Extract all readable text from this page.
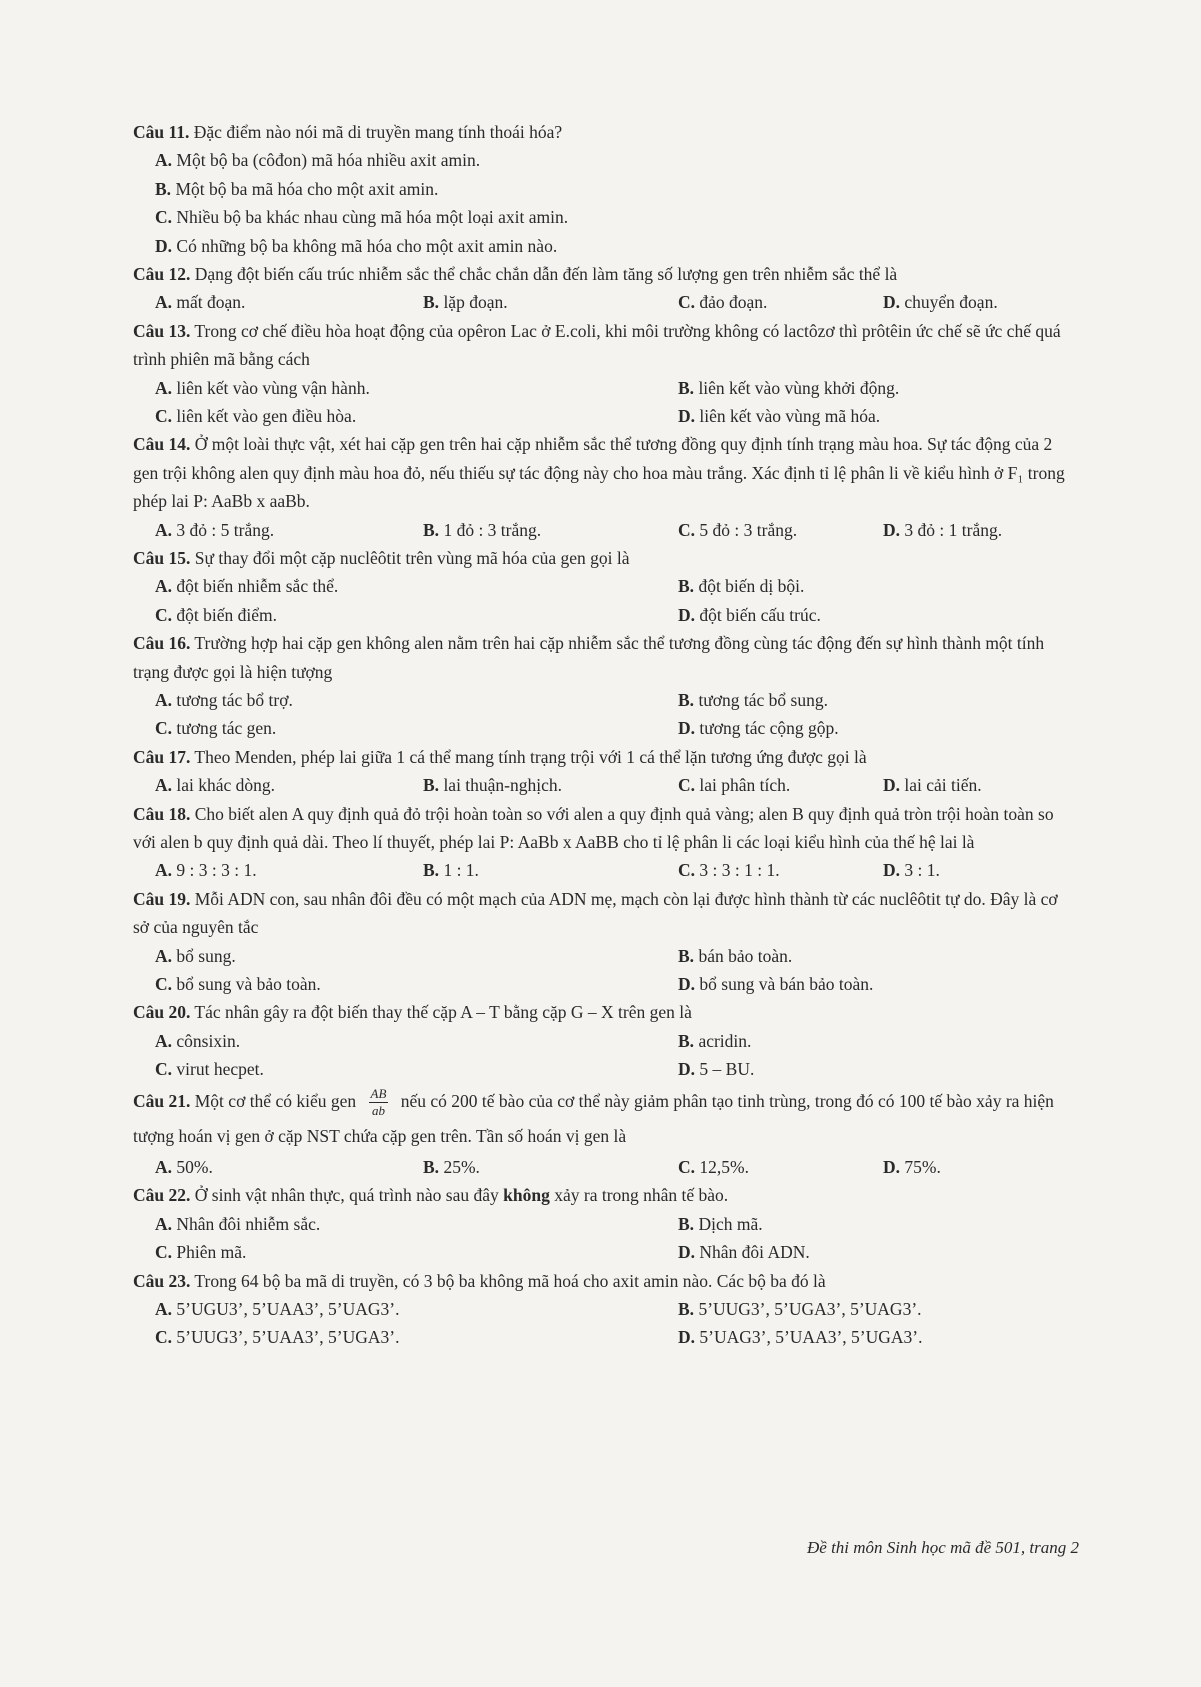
Câu 11. Đặc điểm nào nói mã di truyền mang tính thoái hóa?

A. Một bộ ba (côđon) mã hóa nhiều axit amin.
B. Một bộ ba mã hóa cho một axit amin.
C. Nhiều bộ ba khác nhau cùng mã hóa một loại axit amin.
D. Có những bộ ba không mã hóa cho một axit amin nào.

Câu 12. Dạng đột biến cấu trúc nhiễm sắc thể chắc chắn dẫn đến làm tăng số lượng gen trên nhiễm sắc thể là

A. mất đoạn.	B. lặp đoạn.	C. đảo đoạn.	D. chuyển đoạn.

Câu 13. Trong cơ chế điều hòa hoạt động của opêron Lac ở E.coli, khi môi trường không có lactôzơ thì prôtêin ức chế sẽ ức chế quá trình phiên mã bằng cách

A. liên kết vào vùng vận hành.	B. liên kết vào vùng khởi động.
C. liên kết vào gen điều hòa.	D. liên kết vào vùng mã hóa.

Câu 14. Ở một loài thực vật, xét hai cặp gen trên hai cặp nhiễm sắc thể tương đồng quy định tính trạng màu hoa. Sự tác động của 2 gen trội không alen quy định màu hoa đỏ, nếu thiếu sự tác động này cho hoa màu trắng. Xác định tỉ lệ phân li về kiểu hình ở F₁ trong phép lai P: AaBb x aaBb.

A. 3 đỏ : 5 trắng.	B. 1 đỏ : 3 trắng.	C. 5 đỏ : 3 trắng.	D. 3 đỏ : 1 trắng.

Câu 15. Sự thay đổi một cặp nuclêôtit trên vùng mã hóa của gen gọi là

A. đột biến nhiễm sắc thể.	B. đột biến dị bội.
C. đột biến điểm.	D. đột biến cấu trúc.

Câu 16. Trường hợp hai cặp gen không alen nằm trên hai cặp nhiễm sắc thể tương đồng cùng tác động đến sự hình thành một tính trạng được gọi là hiện tượng

A. tương tác bổ trợ.	B. tương tác bổ sung.
C. tương tác gen.	D. tương tác cộng gộp.

Câu 17. Theo Menden, phép lai giữa 1 cá thể mang tính trạng trội với 1 cá thể lặn tương ứng được gọi là

A. lai khác dòng.	B. lai thuận-nghịch.	C. lai phân tích.	D. lai cải tiến.

Câu 18. Cho biết alen A quy định quả đỏ trội hoàn toàn so với alen a quy định quả vàng; alen B quy định quả tròn trội hoàn toàn so với alen b quy định quả dài. Theo lí thuyết, phép lai P: AaBb x AaBB cho tỉ lệ phân li các loại kiểu hình của thế hệ lai là

A. 9 : 3 : 3 : 1.	B. 1 : 1.	C. 3 : 3 : 1 : 1.	D. 3 : 1.

Câu 19. Mỗi ADN con, sau nhân đôi đều có một mạch của ADN mẹ, mạch còn lại được hình thành từ các nuclêôtit tự do. Đây là cơ sở của nguyên tắc

A. bổ sung.	B. bán bảo toàn.
C. bổ sung và bảo toàn.	D. bổ sung và bán bảo toàn.

Câu 20. Tác nhân gây ra đột biến thay thế cặp A – T bằng cặp G – X trên gen là

A. cônsixin.	B. acridin.
C. virut hecpet.	D. 5 – BU.

Câu 21. Một cơ thể có kiểu gen $\frac{AB}{ab}$ nếu có 200 tế bào của cơ thể này giảm phân tạo tinh trùng, trong đó có 100 tế bào xảy ra hiện tượng hoán vị gen ở cặp NST chứa cặp gen trên. Tần số hoán vị gen là

A. 50%.	B. 25%.	C. 12,5%.	D. 75%.

Câu 22. Ở sinh vật nhân thực, quá trình nào sau đây không xảy ra trong nhân tế bào.

A. Nhân đôi nhiễm sắc.	B. Dịch mã.
C. Phiên mã.	D. Nhân đôi ADN.

Câu 23. Trong 64 bộ ba mã di truyền, có 3 bộ ba không mã hoá cho axit amin nào. Các bộ ba đó là

A. 5’UGU3’, 5’UAA3’, 5’UAG3’.	B. 5’UUG3’, 5’UGA3’, 5’UAG3’.
C. 5’UUG3’, 5’UAA3’, 5’UGA3’.	D. 5’UAG3’, 5’UAA3’, 5’UGA3’.
Đề thi môn Sinh học mã đề 501, trang 2
